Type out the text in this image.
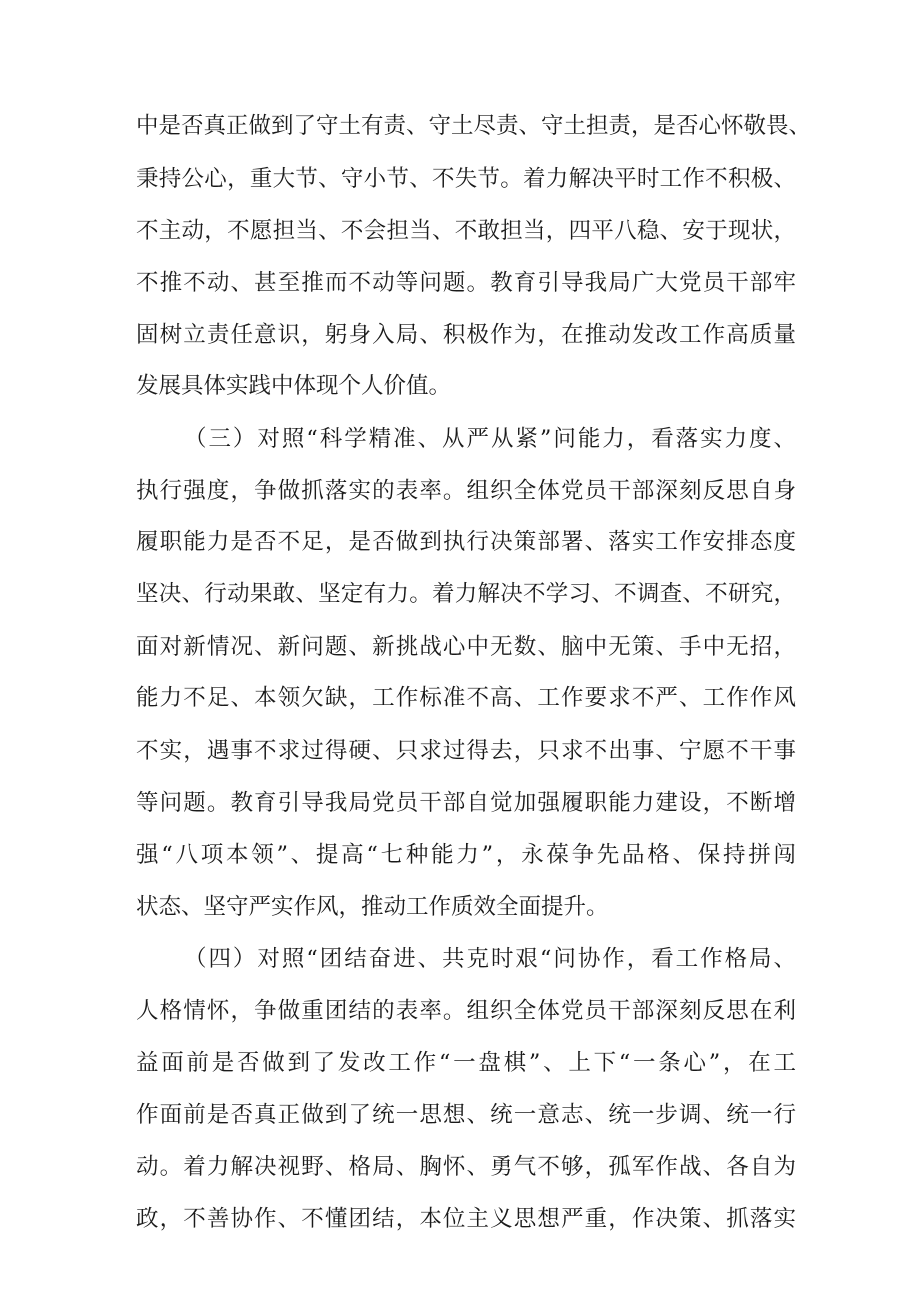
中是否真正做到了守土有责、守土尽责、守土担责，是否心怀敬畏、
秉持公心，重大节、守小节、不失节。着力解决平时工作不积极、
不主动，不愿担当、不会担当、不敢担当，四平八稳、安于现状，
不推不动、甚至推而不动等问题。教育引导我局广大党员干部牢
固树立责任意识，躬身入局、积极作为，在推动发改工作高质量
发展具体实践中体现个人价值。
（三）对照“科学精准、从严从紧”问能力，看落实力度、
执行强度，争做抓落实的表率。组织全体党员干部深刻反思自身
履职能力是否不足，是否做到执行决策部署、落实工作安排态度
坚决、行动果敢、坚定有力。着力解决不学习、不调查、不研究，
面对新情况、新问题、新挑战心中无数、脑中无策、手中无招，
能力不足、本领欠缺，工作标准不高、工作要求不严、工作作风
不实，遇事不求过得硬、只求过得去，只求不出事、宁愿不干事
等问题。教育引导我局党员干部自觉加强履职能力建设，不断增
强“八项本领”、提高“七种能力”，永葆争先品格、保持拼闯
状态、坚守严实作风，推动工作质效全面提升。
（四）对照“团结奋进、共克时艰“问协作，看工作格局、
人格情怀，争做重团结的表率。组织全体党员干部深刻反思在利
益面前是否做到了发改工作“一盘棋”、上下“一条心”，在工
作面前是否真正做到了统一思想、统一意志、统一步调、统一行
动。着力解决视野、格局、胸怀、勇气不够，孤军作战、各自为
政，不善协作、不懂团结，本位主义思想严重，作决策、抓落实
